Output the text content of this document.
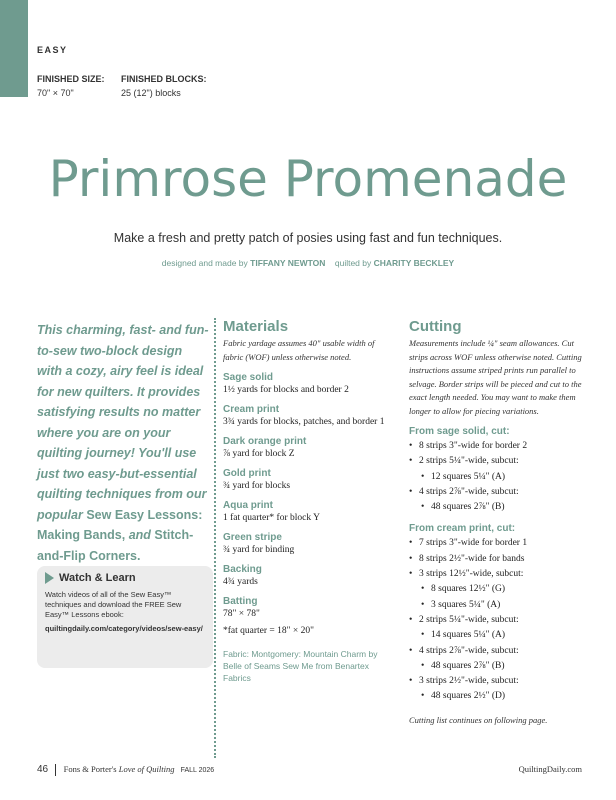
EASY
FINISHED SIZE:
70" × 70"
FINISHED BLOCKS:
25 (12") blocks
Primrose Promenade
Make a fresh and pretty patch of posies using fast and fun techniques.
designed and made by TIFFANY NEWTON quilted by CHARITY BECKLEY
This charming, fast- and fun-to-sew two-block design with a cozy, airy feel is ideal for new quilters. It provides satisfying results no matter where you are on your quilting journey! You'll use just two easy-but-essential quilting techniques from our popular Sew Easy Lessons: Making Bands, and Stitch-and-Flip Corners.
Watch & Learn
Watch videos of all of the Sew Easy™ techniques and download the FREE Sew Easy™ Lessons ebook:
quiltingdaily.com/category/videos/sew-easy/
Materials
Fabric yardage assumes 40" usable width of fabric (WOF) unless otherwise noted.
Sage solid
1½ yards for blocks and border 2
Cream print
3¾ yards for blocks, patches, and border 1
Dark orange print
⅞ yard for block Z
Gold print
¾ yard for blocks
Aqua print
1 fat quarter* for block Y
Green stripe
¾ yard for binding
Backing
4¾ yards
Batting
78" × 78"
*fat quarter = 18" × 20"
Fabric: Montgomery: Mountain Charm by Belle of Seams Sew Me from Benartex Fabrics
Cutting
Measurements include ¼" seam allowances. Cut strips across WOF unless otherwise noted. Cutting instructions assume striped prints run parallel to selvage. Border strips will be pieced and cut to the exact length needed. You may want to make them longer to allow for piecing variations.
From sage solid, cut:
• 8 strips 3"-wide for border 2
• 2 strips 5¼"-wide, subcut:
• 12 squares 5¼" (A)
• 4 strips 2⅞"-wide, subcut:
• 48 squares 2⅞" (B)
From cream print, cut:
• 7 strips 3"-wide for border 1
• 8 strips 2½"-wide for bands
• 3 strips 12½"-wide, subcut:
• 8 squares 12½" (G)
• 3 squares 5¼" (A)
• 2 strips 5¼"-wide, subcut:
• 14 squares 5¼" (A)
• 4 strips 2⅞"-wide, subcut:
• 48 squares 2⅞" (B)
• 3 strips 2½"-wide, subcut:
• 48 squares 2½" (D)
Cutting list continues on following page.
46 Fons & Porter's Love of Quilting FALL 2026	QuiltingDaily.com
